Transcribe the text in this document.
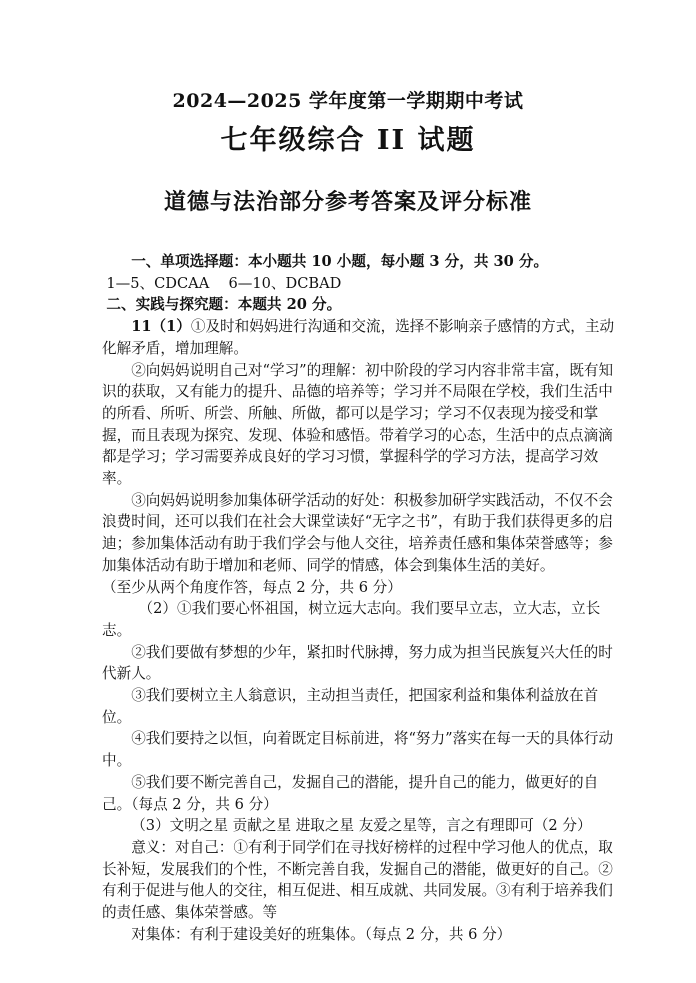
2024—2025 学年度第一学期期中考试
七年级综合 II 试题
道德与法治部分参考答案及评分标准

一、单项选择题：本小题共 10 小题，每小题 3 分，共 30 分。

1—5、CDCAA　 6—10、DCBAD

二、实践与探究题：本题共 20 分。

11（1）①及时和妈妈进行沟通和交流，选择不影响亲子感情的方式，主动化解矛盾，增加理解。

②向妈妈说明自己对“学习”的理解：初中阶段的学习内容非常丰富，既有知识的获取，又有能力的提升、品德的培养等；学习并不局限在学校，我们生活中的所看、所听、所尝、所触、所做，都可以是学习；学习不仅表现为接受和掌握，而且表现为探究、发现、体验和感悟。带着学习的心态，生活中的点点滴滴都是学习；学习需要养成良好的学习习惯，掌握科学的学习方法，提高学习效率。

③向妈妈说明参加集体研学活动的好处：积极参加研学实践活动，不仅不会浪费时间，还可以我们在社会大课堂读好“无字之书”，有助于我们获得更多的启迪；参加集体活动有助于我们学会与他人交往，培养责任感和集体荣誉感等；参加集体活动有助于增加和老师、同学的情感，体会到集体生活的美好。

（至少从两个角度作答，每点 2 分，共 6 分）

（2）①我们要心怀祖国，树立远大志向。我们要早立志，立大志，立长志。

②我们要做有梦想的少年，紧扣时代脉搏，努力成为担当民族复兴大任的时代新人。

③我们要树立主人翁意识，主动担当责任，把国家利益和集体利益放在首位。

④我们要持之以恒，向着既定目标前进，将“努力”落实在每一天的具体行动中。

⑤我们要不断完善自己，发掘自己的潜能，提升自己的能力，做更好的自己。（每点 2 分，共 6 分）

（3）文明之星 贡献之星 进取之星 友爱之星等，言之有理即可（2 分）

意义：对自己：①有利于同学们在寻找好榜样的过程中学习他人的优点，取长补短，发展我们的个性，不断完善自我，发掘自己的潜能，做更好的自己。②有利于促进与他人的交往，相互促进、相互成就、共同发展。③有利于培养我们的责任感、集体荣誉感。等

对集体：有利于建设美好的班集体。（每点 2 分，共 6 分）
